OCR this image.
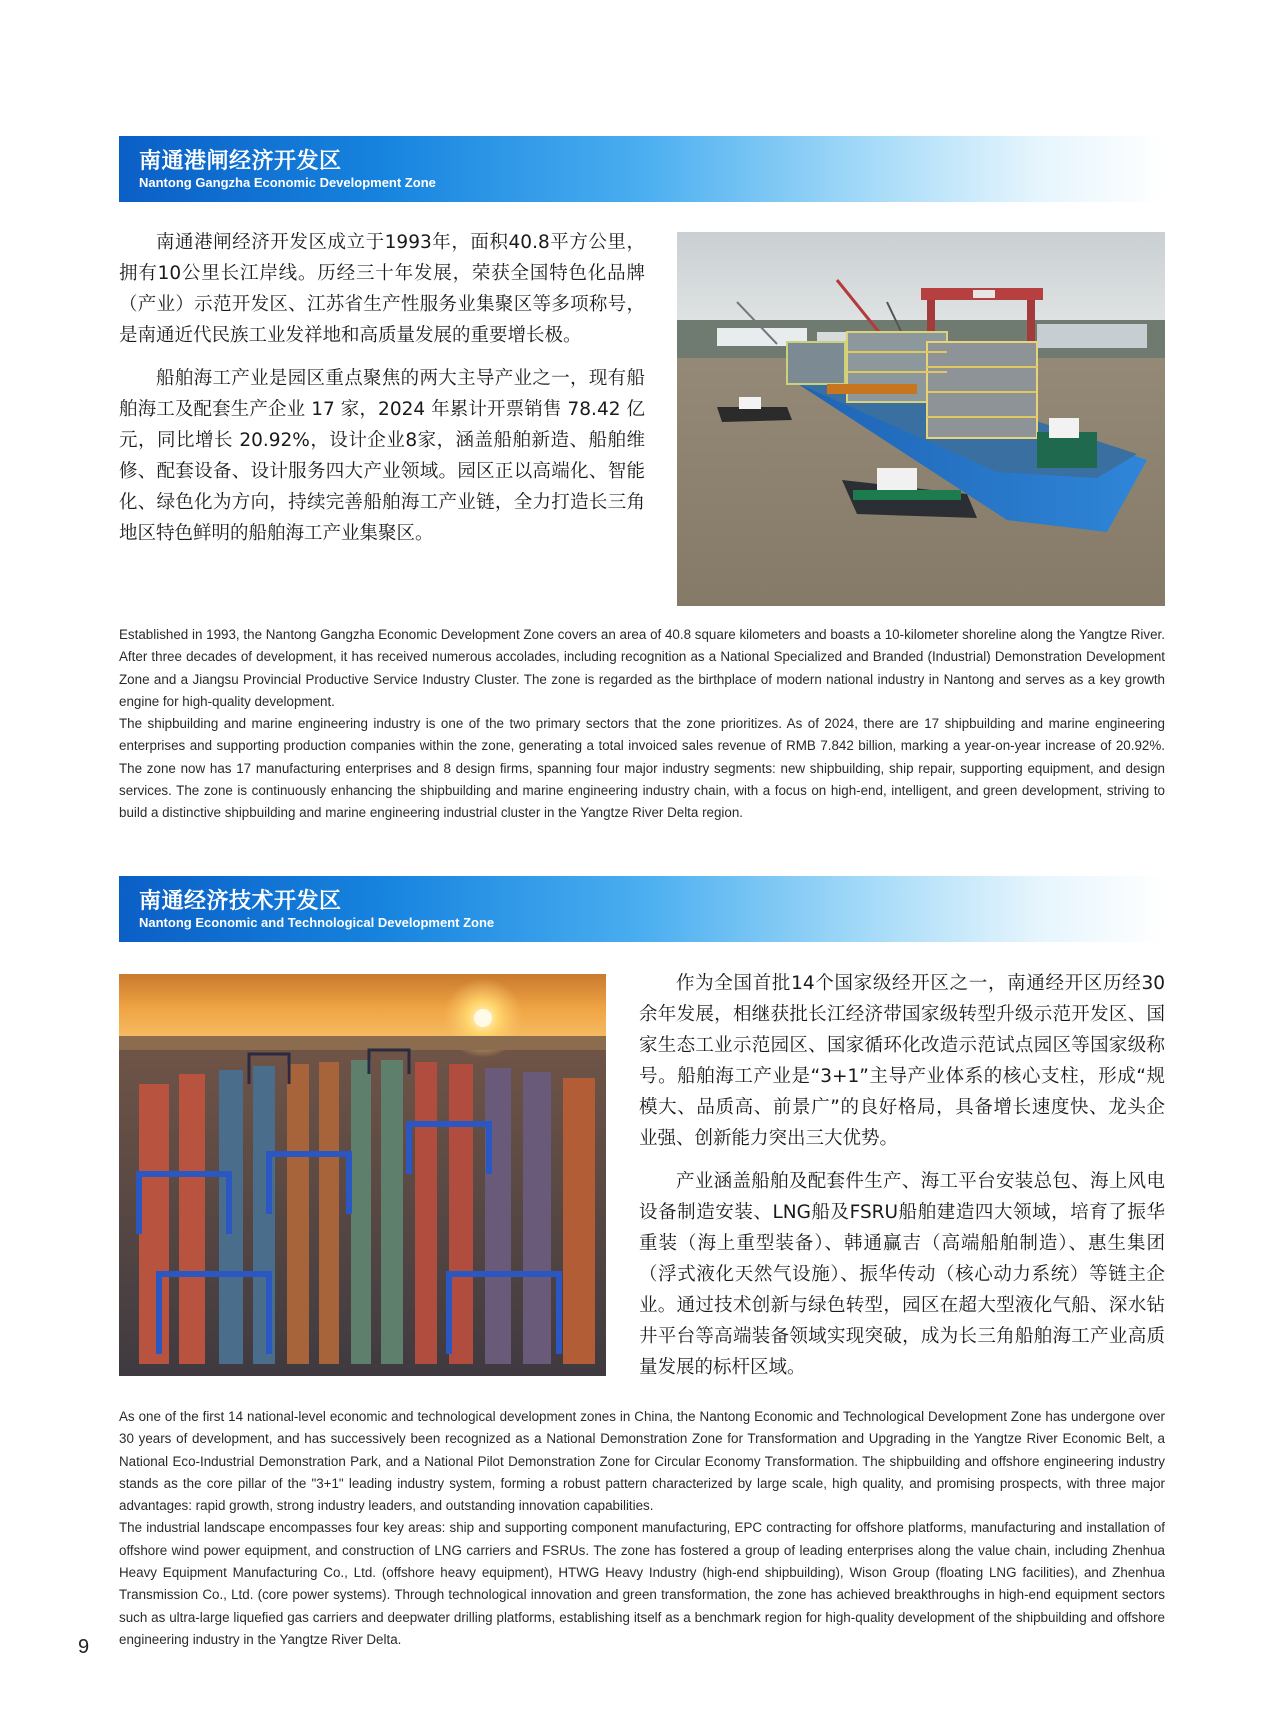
南通港闸经济开发区
Nantong Gangzha Economic Development Zone

南通港闸经济开发区成立于1993年，面积40.8平方公里，拥有10公里长江岸线。历经三十年发展，荣获全国特色化品牌（产业）示范开发区、江苏省生产性服务业集聚区等多项称号，是南通近代民族工业发祥地和高质量发展的重要增长极。

船舶海工产业是园区重点聚焦的两大主导产业之一，现有船舶海工及配套生产企业 17 家，2024 年累计开票销售 78.42 亿元，同比增长 20.92%，设计企业8家，涵盖船舶新造、船舶维修、配套设备、设计服务四大产业领域。园区正以高端化、智能化、绿色化为方向，持续完善船舶海工产业链，全力打造长三角地区特色鲜明的船舶海工产业集聚区。

Established in 1993, the Nantong Gangzha Economic Development Zone covers an area of 40.8 square kilometers and boasts a 10-kilometer shoreline along the Yangtze River. After three decades of development, it has received numerous accolades, including recognition as a National Specialized and Branded (Industrial) Demonstration Development Zone and a Jiangsu Provincial Productive Service Industry Cluster. The zone is regarded as the birthplace of modern national industry in Nantong and serves as a key growth engine for high-quality development.

The shipbuilding and marine engineering industry is one of the two primary sectors that the zone prioritizes. As of 2024, there are 17 shipbuilding and marine engineering enterprises and supporting production companies within the zone, generating a total invoiced sales revenue of RMB 7.842 billion, marking a year-on-year increase of 20.92%. The zone now has 17 manufacturing enterprises and 8 design firms, spanning four major industry segments: new shipbuilding, ship repair, supporting equipment, and design services. The zone is continuously enhancing the shipbuilding and marine engineering industry chain, with a focus on high-end, intelligent, and green development, striving to build a distinctive shipbuilding and marine engineering industrial cluster in the Yangtze River Delta region.

南通经济技术开发区
Nantong Economic and Technological Development Zone

作为全国首批14个国家级经开区之一，南通经开区历经30余年发展，相继获批长江经济带国家级转型升级示范开发区、国家生态工业示范园区、国家循环化改造示范试点园区等国家级称号。船舶海工产业是“3+1”主导产业体系的核心支柱，形成“规模大、品质高、前景广”的良好格局，具备增长速度快、龙头企业强、创新能力突出三大优势。

产业涵盖船舶及配套件生产、海工平台安装总包、海上风电设备制造安装、LNG船及FSRU船舶建造四大领域，培育了振华重装（海上重型装备）、韩通赢吉（高端船舶制造）、惠生集团（浮式液化天然气设施）、振华传动（核心动力系统）等链主企业。通过技术创新与绿色转型，园区在超大型液化气船、深水钻井平台等高端装备领域实现突破，成为长三角船舶海工产业高质量发展的标杆区域。

As one of the first 14 national-level economic and technological development zones in China, the Nantong Economic and Technological Development Zone has undergone over 30 years of development, and has successively been recognized as a National Demonstration Zone for Transformation and Upgrading in the Yangtze River Economic Belt, a National Eco-Industrial Demonstration Park, and a National Pilot Demonstration Zone for Circular Economy Transformation. The shipbuilding and offshore engineering industry stands as the core pillar of the "3+1" leading industry system, forming a robust pattern characterized by large scale, high quality, and promising prospects, with three major advantages: rapid growth, strong industry leaders, and outstanding innovation capabilities.

The industrial landscape encompasses four key areas: ship and supporting component manufacturing, EPC contracting for offshore platforms, manufacturing and installation of offshore wind power equipment, and construction of LNG carriers and FSRUs. The zone has fostered a group of leading enterprises along the value chain, including Zhenhua Heavy Equipment Manufacturing Co., Ltd. (offshore heavy equipment), HTWG Heavy Industry (high-end shipbuilding), Wison Group (floating LNG facilities), and Zhenhua Transmission Co., Ltd. (core power systems). Through technological innovation and green transformation, the zone has achieved breakthroughs in high-end equipment sectors such as ultra-large liquefied gas carriers and deepwater drilling platforms, establishing itself as a benchmark region for high-quality development of the shipbuilding and offshore engineering industry in the Yangtze River Delta.

9
